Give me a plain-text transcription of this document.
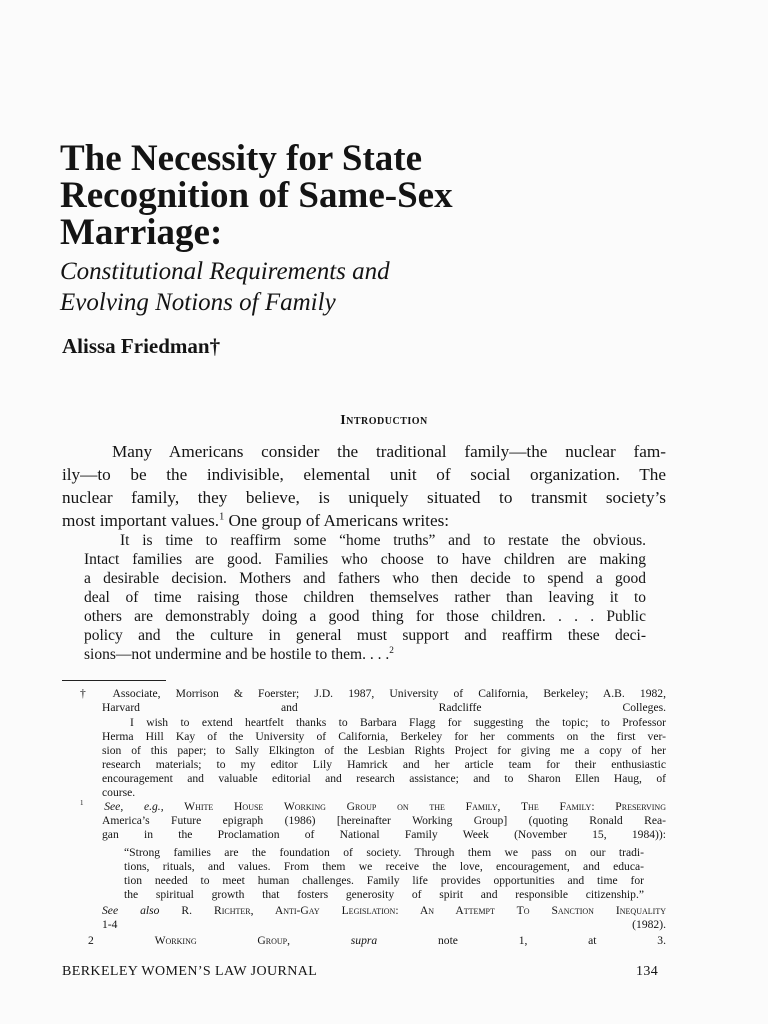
The Necessity for State
Recognition of Same-Sex
Marriage:
Constitutional Requirements and
Evolving Notions of Family
Alissa Friedman†
Introduction
Many Americans consider the traditional family—the nuclear fam-
ily—to be the indivisible, elemental unit of social organization. The
nuclear family, they believe, is uniquely situated to transmit society’s
most important values.$^1$ One group of Americans writes:
It is time to reaffirm some “home truths” and to restate the obvious.
Intact families are good. Families who choose to have children are making
a desirable decision. Mothers and fathers who then decide to spend a good
deal of time raising those children themselves rather than leaving it to
others are demonstrably doing a good thing for those children. . . . Public
policy and the culture in general must support and reaffirm these deci-
sions—not undermine and be hostile to them. . . .$^2$
† Associate, Morrison & Foerster; J.D. 1987, University of California, Berkeley; A.B. 1982,
Harvard and Radcliffe Colleges.
I wish to extend heartfelt thanks to Barbara Flagg for suggesting the topic; to Professor
Herma Hill Kay of the University of California, Berkeley for her comments on the first ver-
sion of this paper; to Sally Elkington of the Lesbian Rights Project for giving me a copy of her
research materials; to my editor Lily Hamrick and her article team for their enthusiastic
encouragement and valuable editorial and research assistance; and to Sharon Ellen Haug, of
course.
$^1$ See, e.g., White House Working Group on the Family, The Family: Preserving
America’s Future epigraph (1986) [hereinafter Working Group] (quoting Ronald Rea-
gan in the Proclamation of National Family Week (November 15, 1984)):
“Strong families are the foundation of society. Through them we pass on our tradi-
tions, rituals, and values. From them we receive the love, encouragement, and educa-
tion needed to meet human challenges. Family life provides opportunities and time for
the spiritual growth that fosters generosity of spirit and responsible citizenship.”
See also R. Richter, Anti-Gay Legislation: An Attempt To Sanction Inequality
1-4 (1982).
2	Working Group, supra note 1, at 3.
BERKELEY WOMEN’S LAW JOURNAL	134
